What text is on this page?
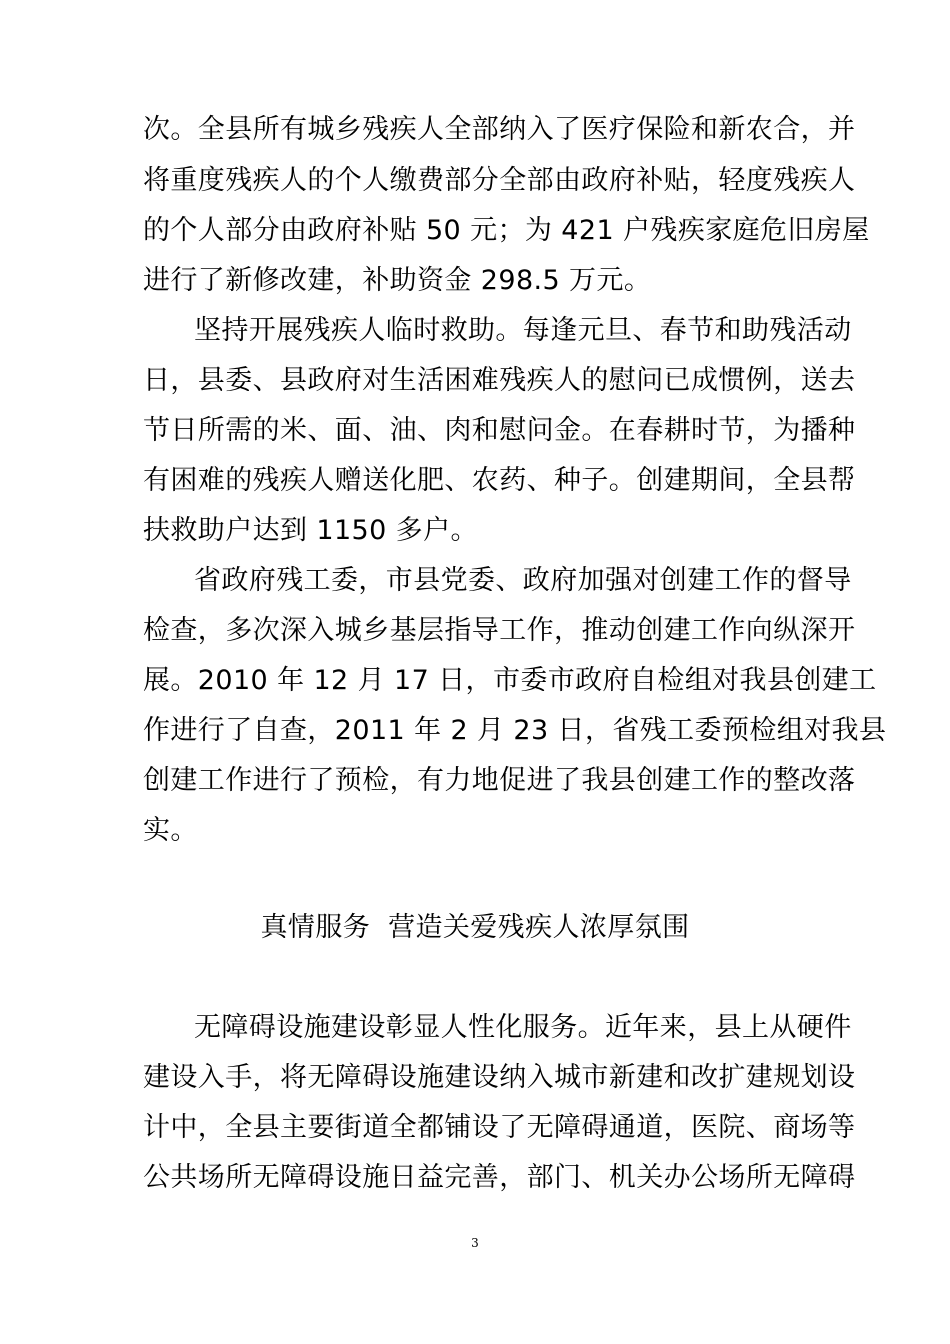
次。全县所有城乡残疾人全部纳入了医疗保险和新农合，并
将重度残疾人的个人缴费部分全部由政府补贴，轻度残疾人
的个人部分由政府补贴 50 元；为 421 户残疾家庭危旧房屋
进行了新修改建，补助资金 298.5 万元。
坚持开展残疾人临时救助。每逢元旦、春节和助残活动
日，县委、县政府对生活困难残疾人的慰问已成惯例，送去
节日所需的米、面、油、肉和慰问金。在春耕时节，为播种
有困难的残疾人赠送化肥、农药、种子。创建期间，全县帮
扶救助户达到 1150 多户。
省政府残工委，市县党委、政府加强对创建工作的督导
检查，多次深入城乡基层指导工作，推动创建工作向纵深开
展。2010 年 12 月 17 日，市委市政府自检组对我县创建工
作进行了自查，2011 年 2 月 23 日，省残工委预检组对我县
创建工作进行了预检，有力地促进了我县创建工作的整改落
实。
真情服务  营造关爱残疾人浓厚氛围
无障碍设施建设彰显人性化服务。近年来，县上从硬件
建设入手，将无障碍设施建设纳入城市新建和改扩建规划设
计中，全县主要街道全都铺设了无障碍通道，医院、商场等
公共场所无障碍设施日益完善，部门、机关办公场所无障碍
3
